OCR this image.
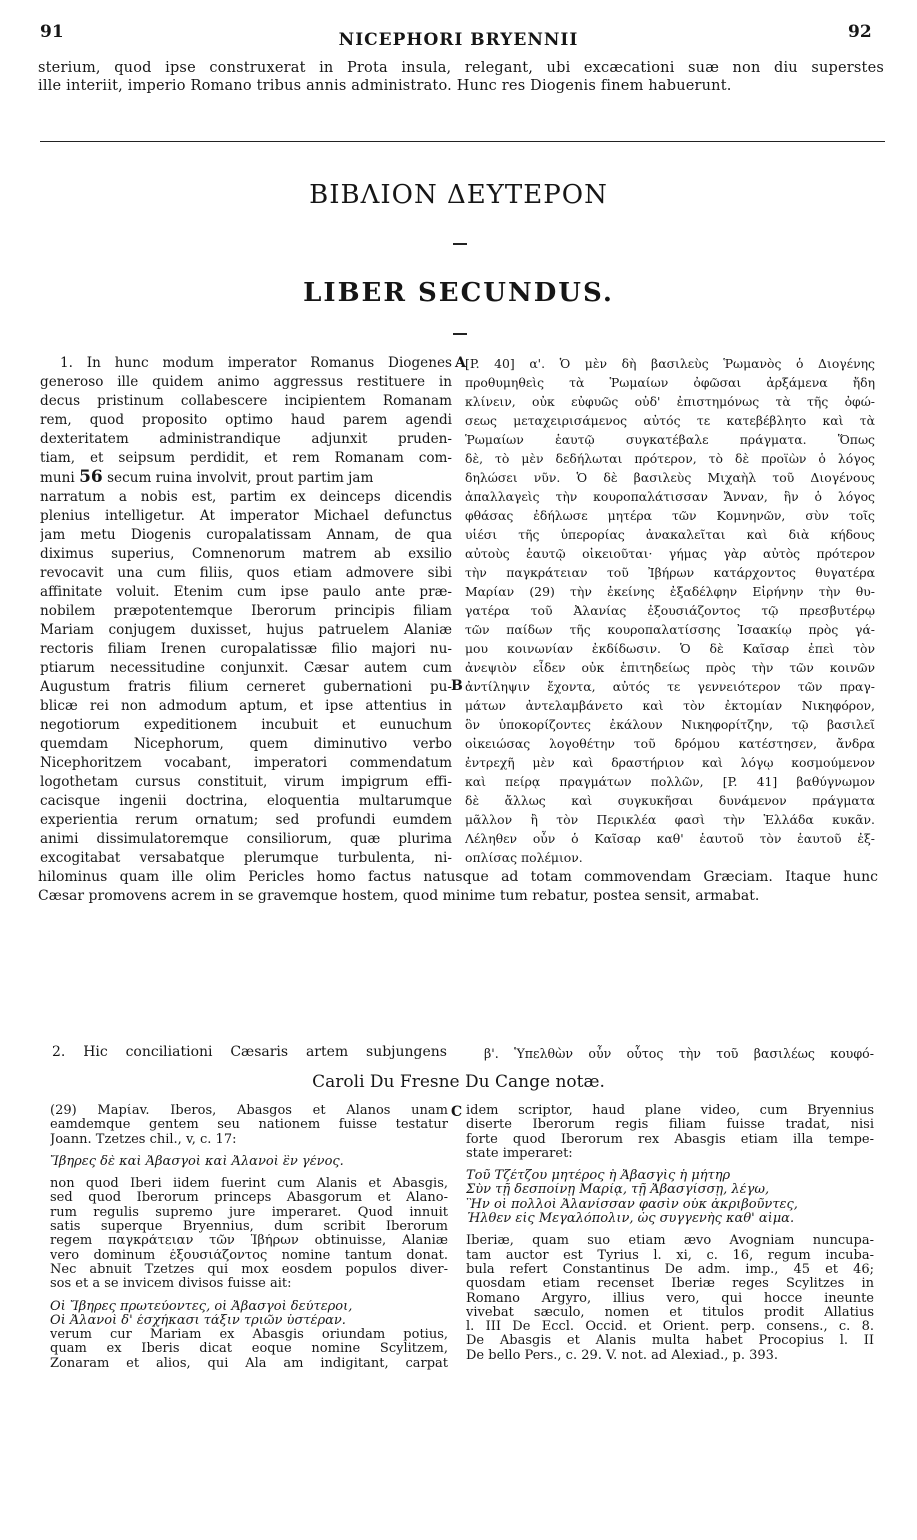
91	NICEPHORI BRYENNII	92
sterium, quod ipse construxerat in Prota insula, relegant, ubi excæcationi suæ non diu superstes
ille interiit, imperio Romano tribus annis administrato. Hunc res Diogenis finem habuerunt.
ΒΙΒΛΙΟΝ ΔΕΥΤΕΡΟΝ
LIBER SECUNDUS.
A
B
C
1. In hunc modum imperator Romanus Diogenes
generoso ille quidem animo aggressus restituere in
decus pristinum collabescere incipientem Romanam
rem, quod proposito optimo haud parem agendi
dexteritatem administrandique adjunxit pruden-
tiam, et seipsum perdidit, et rem Romanam com-
muni 56 secum ruina involvit, prout partim jam
narratum a nobis est, partim ex deinceps dicendis
plenius intelligetur. At imperator Michael defunctus
jam metu Diogenis curopalatissam Annam, de qua
diximus superius, Comnenorum matrem ab exsilio
revocavit una cum filiis, quos etiam admovere sibi
affinitate voluit. Etenim cum ipse paulo ante præ-
nobilem præpotentemque Iberorum principis filiam
Mariam conjugem duxisset, hujus patruelem Alaniæ
rectoris filiam Irenen curopalatissæ filio majori nu-
ptiarum necessitudine conjunxit. Cæsar autem cum
Augustum fratris filium cerneret gubernationi pu-
blicæ rei non admodum aptum, et ipse attentius in
negotiorum expeditionem incubuit et eunuchum
quemdam Nicephorum, quem diminutivo verbo
Nicephoritzem vocabant, imperatori commendatum
logothetam cursus constituit, virum impigrum effi-
cacisque ingenii doctrina, eloquentia multarumque
experientia rerum ornatum; sed profundi eumdem
animi dissimulatoremque consiliorum, quæ plurima
excogitabat versabatque plerumque turbulenta, ni-
[P. 40] α'. Ὁ μὲν δὴ βασιλεὺς Ῥωμανὸς ὁ Διογένης
προθυμηθεὶς τὰ Ῥωμαίων ὀφῶσαι ἀρξάμενα ἤδη
κλίνειν, οὐκ εὐφυῶς οὐδ' ἐπιστημόνως τὰ τῆς ὀφώ-
σεως μεταχειρισάμενος αὐτός τε κατεβέβλητο καὶ τὰ
Ῥωμαίων ἑαυτῷ συγκατέβαλε πράγματα. Ὅπως
δὲ, τὸ μὲν δεδήλωται πρότερον, τὸ δὲ προϊὼν ὁ λόγος
δηλώσει νῦν. Ὁ δὲ βασιλεὺς Μιχαὴλ τοῦ Διογένους
ἀπαλλαγεὶς τὴν κουροπαλάτισσαν Ἄνναν, ἣν ὁ λόγος
φθάσας ἐδήλωσε μητέρα τῶν Κομνηνῶν, σὺν τοῖς
υἱέσι τῆς ὑπερορίας ἀνακαλεῖται καὶ διὰ κήδους
αὐτοὺς ἑαυτῷ οἰκειοῦται· γήμας γὰρ αὐτὸς πρότερον
τὴν παγκράτειαν τοῦ Ἰβήρων κατάρχοντος θυγατέρα
Μαρίαν (29) τὴν ἐκείνης ἐξαδέλφην Εἰρήνην τὴν θυ-
γατέρα τοῦ Ἀλανίας ἐξουσιάζοντος τῷ πρεσβυτέρῳ
τῶν παίδων τῆς κουροπαλατίσσης Ἰσαακίῳ πρὸς γά-
μου κοινωνίαν ἐκδίδωσιν. Ὁ δὲ Καῖσαρ ἐπεὶ τὸν
ἀνεψιὸν εἶδεν οὐκ ἐπιτηδείως πρὸς τὴν τῶν κοινῶν
ἀντίληψιν ἔχοντα, αὐτός τε γεννειότερον τῶν πραγ-
μάτων ἀντελαμβάνετο καὶ τὸν ἐκτομίαν Νικηφόρον,
ὃν ὑποκορίζοντες ἐκάλουν Νικηφορίτζην, τῷ βασιλεῖ
οἰκειώσας λογοθέτην τοῦ δρόμου κατέστησεν, ἄνδρα
ἐντρεχῆ μὲν καὶ δραστήριον καὶ λόγῳ κοσμούμενον
καὶ πείρᾳ πραγμάτων πολλῶν, [P. 41] βαθύγνωμον
δὲ ἄλλως καὶ συγκυκῆσαι δυνάμενον πράγματα
μᾶλλον ἢ τὸν Περικλέα φασὶ τὴν Ἑλλάδα κυκᾶν.
Λέληθεν οὖν ὁ Καῖσαρ καθ' ἑαυτοῦ τὸν ἑαυτοῦ ἐξ-
οπλίσας πολέμιον.
hilominus quam ille olim Pericles homo factus natusque ad totam commovendam Græciam. Itaque hunc
Cæsar promovens acrem in se gravemque hostem, quod minime tum rebatur, postea sensit, armabat.
2. Hic conciliationi Cæsaris artem subjungens	β'. Ὑπελθὼν οὖν οὗτος τὴν τοῦ βασιλέως κουφό-
Caroli Du Fresne Du Cange notæ.
(29) Mapίav. Iberos, Abasgos et Alanos unam
eamdemque gentem seu nationem fuisse testatur
Joann. Tzetzes chil., v, c. 17:
Ἴβηρες δὲ καὶ Ἀβασγοὶ καὶ Ἀλανοὶ ἓν γένος.
non quod Iberi iidem fuerint cum Alanis et Abasgis,
sed quod Iberorum princeps Abasgorum et Alano-
rum regulis supremo jure imperaret. Quod innuit
satis superque Bryennius, dum scribit Iberorum
regem παγκράτειαν τῶν Ἰβήρων obtinuisse, Alaniæ
vero dominum ἐξουσιάζοντος nomine tantum donat.
Nec abnuit Tzetzes qui mox eosdem populos diver-
sos et a se invicem divisos fuisse ait:
Οἱ Ἴβηρες πρωτεύοντες, οἱ Ἀβασγοὶ δεύτεροι,
Οἱ Ἀλανοὶ δ' ἐσχήκασι τάξιν τριῶν ὑστέραν.
verum cur Mariam ex Abasgis oriundam potius,
quam ex Iberis dicat eoque nomine Scylitzem,
Zonaram et alios, qui Ala am indigitant, carpat
idem scriptor, haud plane video, cum Bryennius
diserte Iberorum regis filiam fuisse tradat, nisi
forte quod Iberorum rex Abasgis etiam illa tempe-
state imperaret:
Τοῦ Τζέτζου μητέρος ἡ Ἀβασγὶς ἡ μήτηρ
Σὺν τῇ δεσποίνῃ Μαρίᾳ, τῇ Ἀβασγίσσῃ, λέγω,
Ἣν οἱ πολλοὶ Ἀλανίσσαν φασὶν οὐκ ἀκριβοῦντες,
Ἦλθεν εἰς Μεγαλόπολιν, ὡς συγγενὴς καθ' αἷμα.
Iberiæ, quam suo etiam ævo Avogniam nuncupa-
tam auctor est Tyrius l. xi, c. 16, regum incuba-
bula refert Constantinus De adm. imp., 45 et 46;
quosdam etiam recenset Iberiæ reges Scylitzes in
Romano Argyro, illius vero, qui hocce ineunte
vivebat sæculo, nomen et titulos prodit Allatius
l. III De Eccl. Occid. et Orient. perp. consens., c. 8.
De Abasgis et Alanis multa habet Procopius l. II
De bello Pers., c. 29. V. not. ad Alexiad., p. 393.
